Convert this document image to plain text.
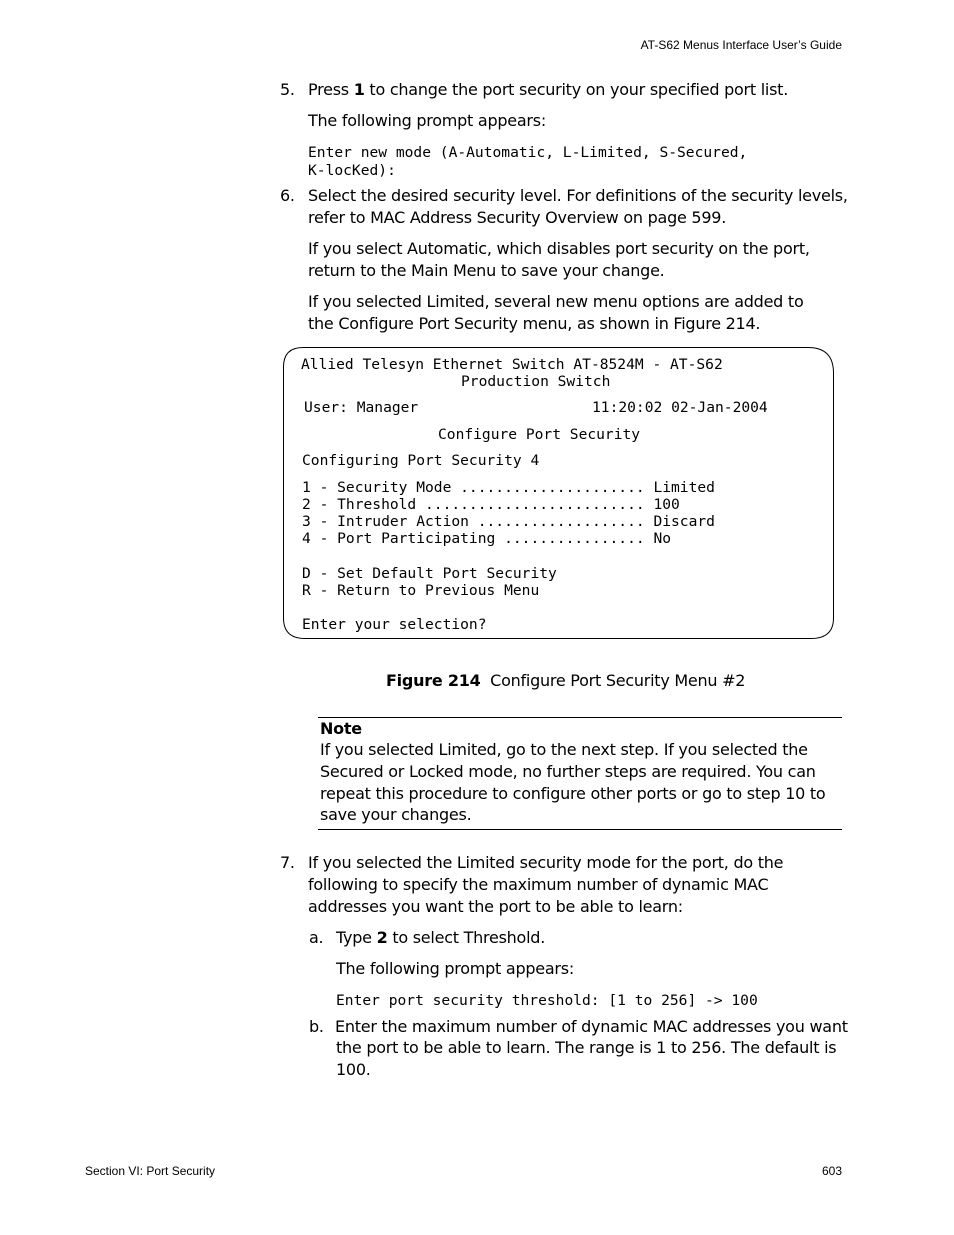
AT-S62 Menus Interface User’s Guide
5. Press 1 to change the port security on your specified port list.
The following prompt appears:
Enter new mode (A-Automatic, L-Limited, S-Secured,
K-locKed):
6. Select the desired security level. For definitions of the security levels,
refer to MAC Address Security Overview on page 599.
If you select Automatic, which disables port security on the port,
return to the Main Menu to save your change.
If you selected Limited, several new menu options are added to
the Configure Port Security menu, as shown in Figure 214.
Allied Telesyn Ethernet Switch AT-8524M - AT-S62
Production Switch
User: Manager	11:20:02 02-Jan-2004
Configure Port Security
Configuring Port Security 4
1 - Security Mode ..................... Limited
2 - Threshold ......................... 100
3 - Intruder Action ................... Discard
4 - Port Participating ................ No
D - Set Default Port Security
R - Return to Previous Menu
Enter your selection?
Figure 214 Configure Port Security Menu #2
Note
If you selected Limited, go to the next step. If you selected the
Secured or Locked mode, no further steps are required. You can
repeat this procedure to configure other ports or go to step 10 to
save your changes.
7. If you selected the Limited security mode for the port, do the
following to specify the maximum number of dynamic MAC
addresses you want the port to be able to learn:
a. Type 2 to select Threshold.
The following prompt appears:
Enter port security threshold: [1 to 256] -> 100
b. Enter the maximum number of dynamic MAC addresses you want
the port to be able to learn. The range is 1 to 256. The default is
100.
Section VI: Port Security	603
